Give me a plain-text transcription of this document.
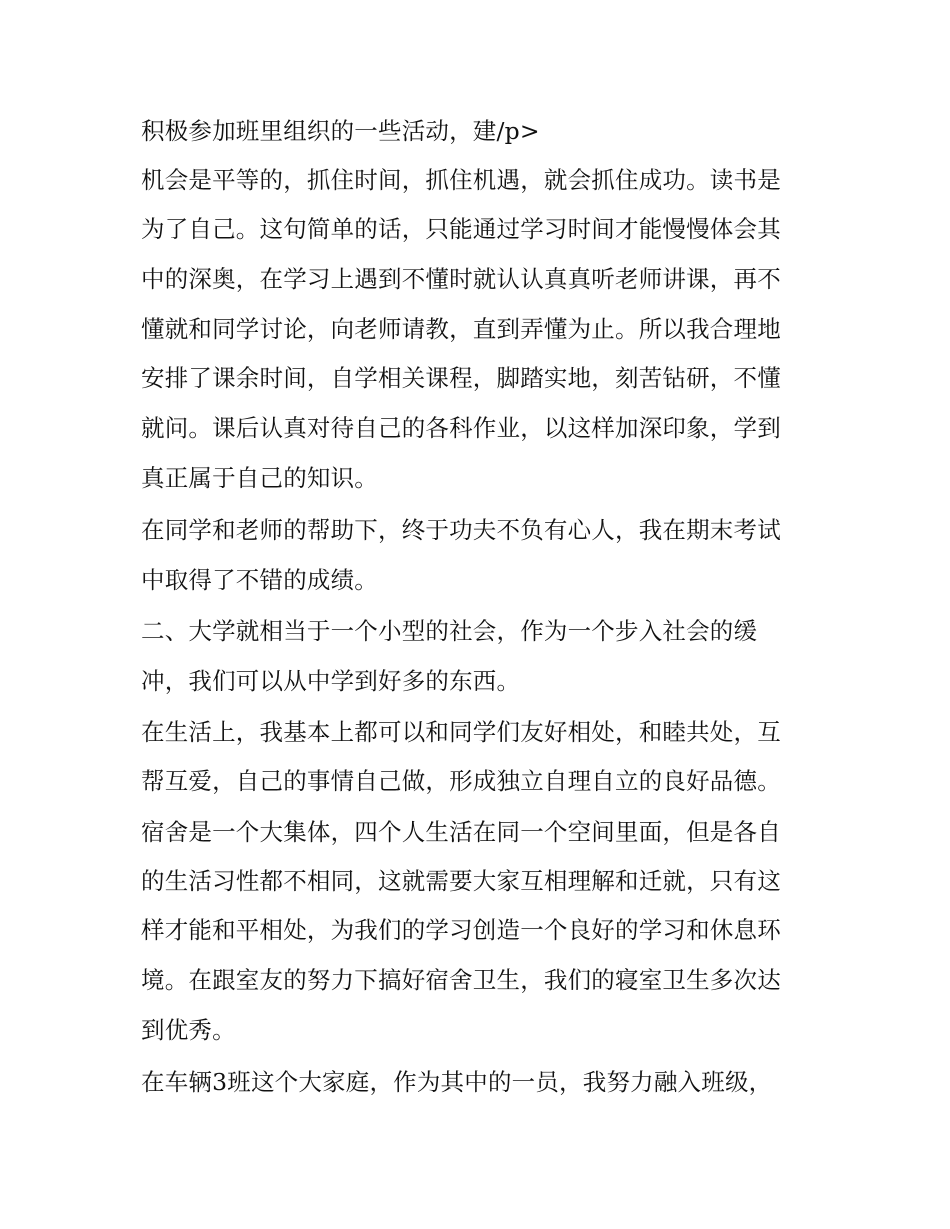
积极参加班里组织的一些活动，建/p>
机会是平等的，抓住时间，抓住机遇，就会抓住成功。读书是
为了自己。这句简单的话，只能通过学习时间才能慢慢体会其
中的深奥，在学习上遇到不懂时就认认真真听老师讲课，再不
懂就和同学讨论，向老师请教，直到弄懂为止。所以我合理地
安排了课余时间，自学相关课程，脚踏实地，刻苦钻研，不懂
就问。课后认真对待自己的各科作业，以这样加深印象，学到
真正属于自己的知识。
在同学和老师的帮助下，终于功夫不负有心人，我在期末考试
中取得了不错的成绩。
二、大学就相当于一个小型的社会，作为一个步入社会的缓
冲，我们可以从中学到好多的东西。
在生活上，我基本上都可以和同学们友好相处，和睦共处，互
帮互爱，自己的事情自己做，形成独立自理自立的良好品德。
宿舍是一个大集体，四个人生活在同一个空间里面，但是各自
的生活习性都不相同，这就需要大家互相理解和迁就，只有这
样才能和平相处，为我们的学习创造一个良好的学习和休息环
境。在跟室友的努力下搞好宿舍卫生，我们的寝室卫生多次达
到优秀。
在车辆3班这个大家庭，作为其中的一员，我努力融入班级，
